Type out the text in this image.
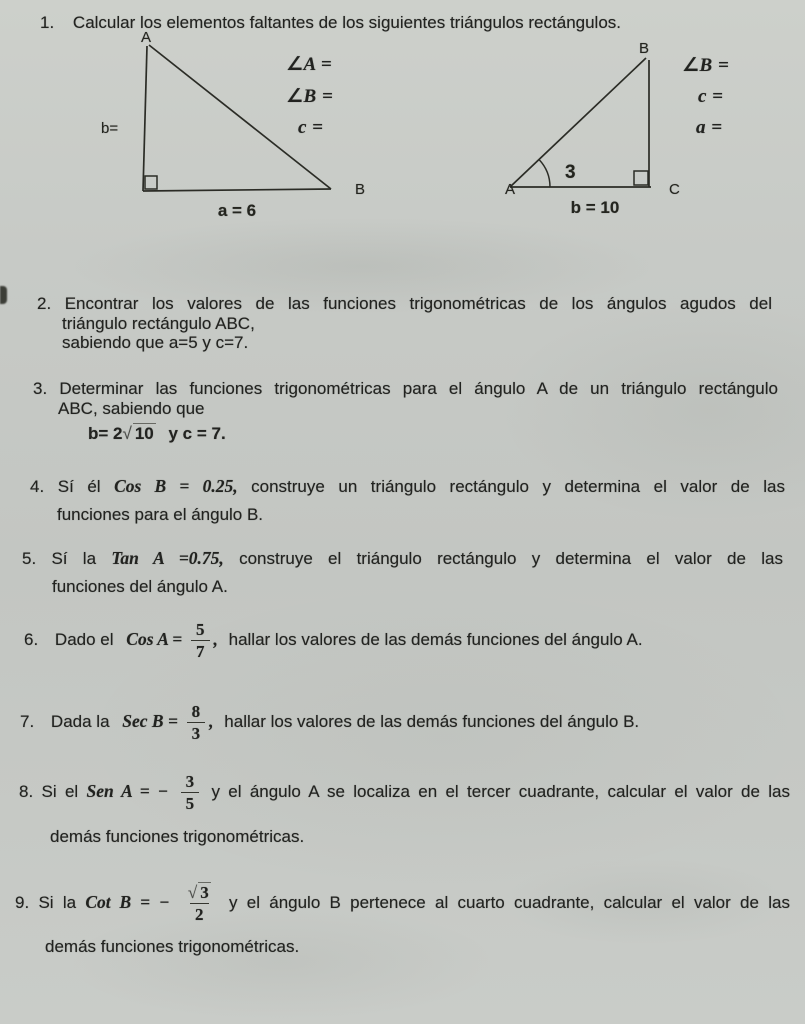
1. Calcular los elementos faltantes de los siguientes triángulos rectángulos.
A
B
b=
a = 6
∠A =
∠B =
c =
A
B
C
3
b = 10
∠B =
c =
a =
2. Encontrar los valores de las funciones trigonométricas de los ángulos agudos del
triángulo rectángulo ABC,
sabiendo que a=5 y c=7.
3. Determinar las funciones trigonométricas para el ángulo A de un triángulo rectángulo
ABC, sabiendo que
b= 2 √ 10 y c = 7.
4. Sí él Cos B = 0.25, construye un triángulo rectángulo y determina el valor de las
funciones para el ángulo B.
5. Sí la Tan A =0.75, construye el triángulo rectángulo y determina el valor de las
funciones del ángulo A.
6. Dado el Cos $A = \frac{5}{7}$ , hallar los valores de las demás funciones del ángulo A.
7. Dada la Sec $B = \frac{8}{3}$ , hallar los valores de las demás funciones del ángulo B.
8. Si el Sen A = − $\frac{3}{5}$ y el ángulo A se localiza en el tercer cuadrante, calcular el valor de las
demás funciones trigonométricas.
9. Si la Cot B = − √ $\frac{3}{2}$ y el ángulo B pertenece al cuarto cuadrante, calcular el valor de las
demás funciones trigonométricas.
